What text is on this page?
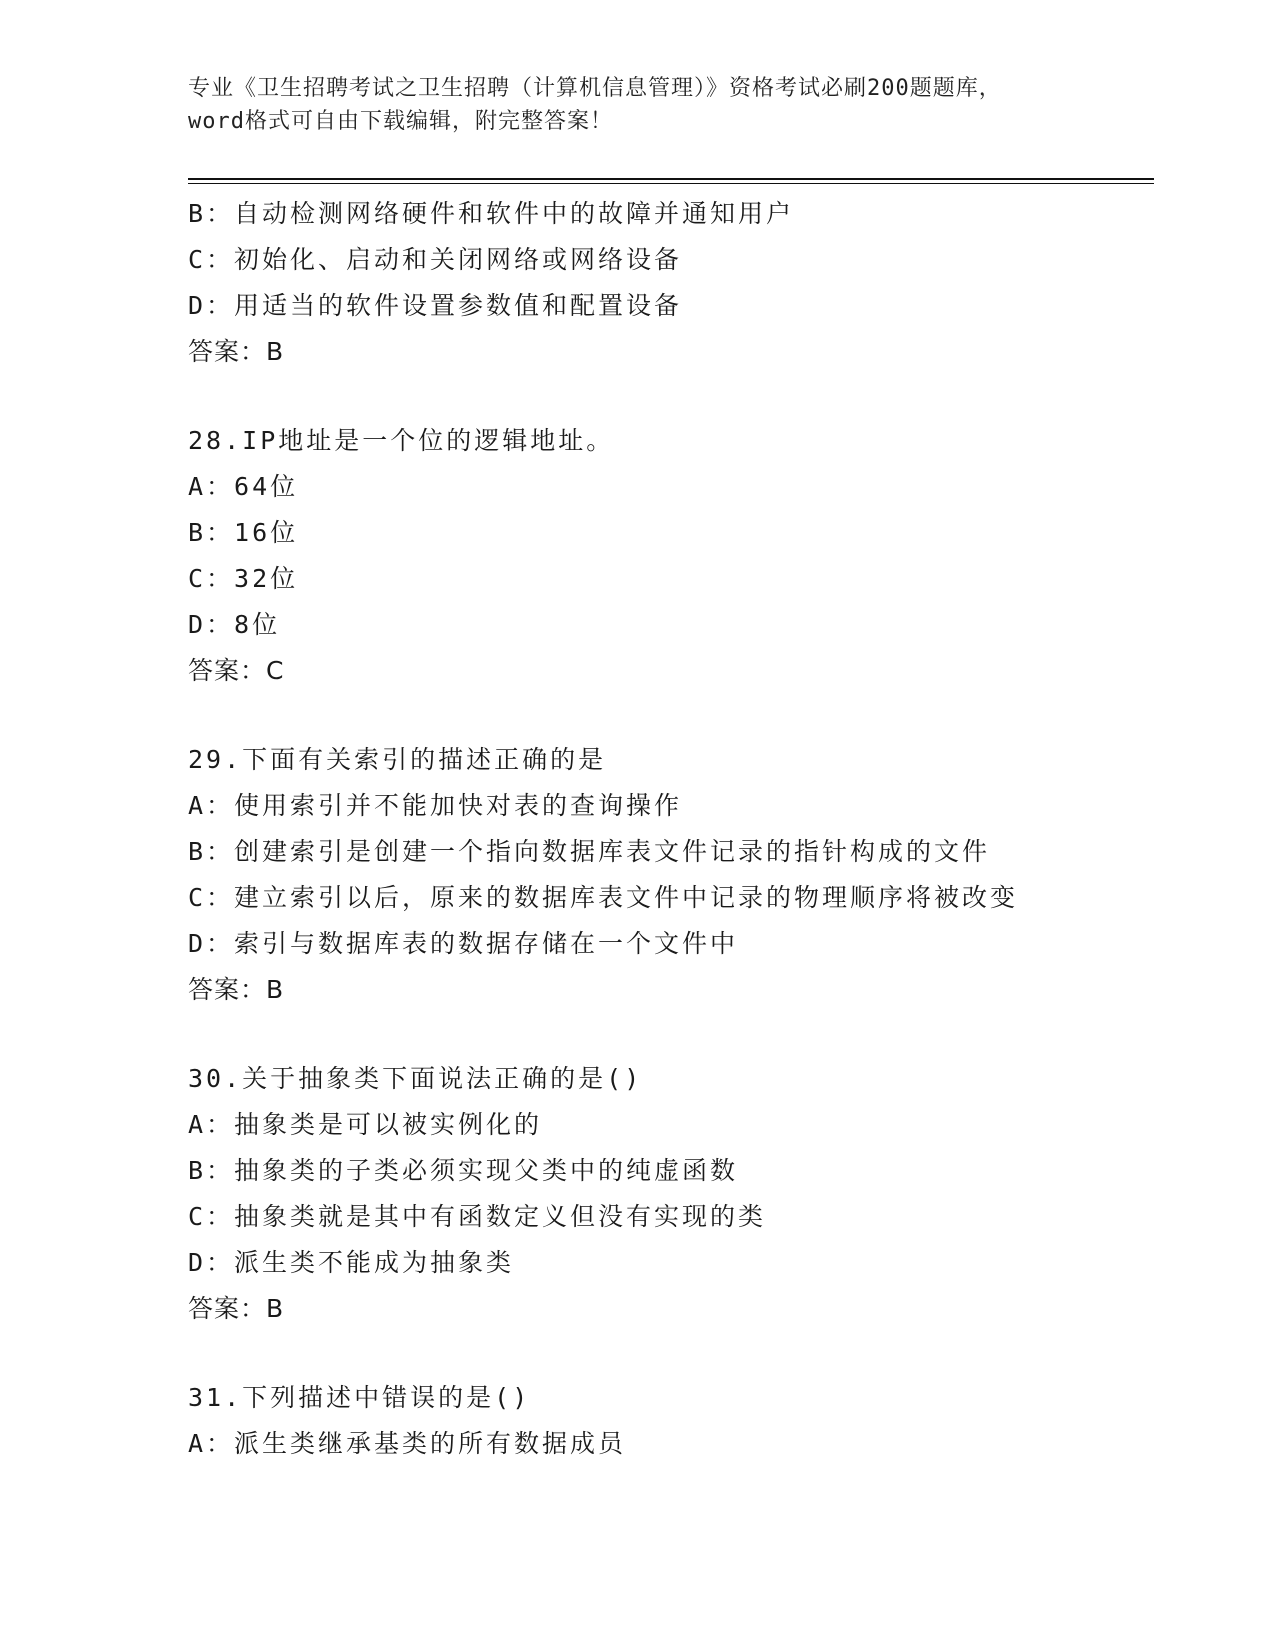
专业《卫生招聘考试之卫生招聘（计算机信息管理）》资格考试必刷200题题库，
word格式可自由下载编辑，附完整答案！
B：自动检测网络硬件和软件中的故障并通知用户
C：初始化、启动和关闭网络或网络设备
D：用适当的软件设置参数值和配置设备
答案：B
28.IP地址是一个位的逻辑地址。
A：64位
B：16位
C：32位
D：8位
答案：C
29.下面有关索引的描述正确的是
A：使用索引并不能加快对表的查询操作
B：创建索引是创建一个指向数据库表文件记录的指针构成的文件
C：建立索引以后，原来的数据库表文件中记录的物理顺序将被改变
D：索引与数据库表的数据存储在一个文件中
答案：B
30.关于抽象类下面说法正确的是()
A：抽象类是可以被实例化的
B：抽象类的子类必须实现父类中的纯虚函数
C：抽象类就是其中有函数定义但没有实现的类
D：派生类不能成为抽象类
答案：B
31.下列描述中错误的是()
A：派生类继承基类的所有数据成员
